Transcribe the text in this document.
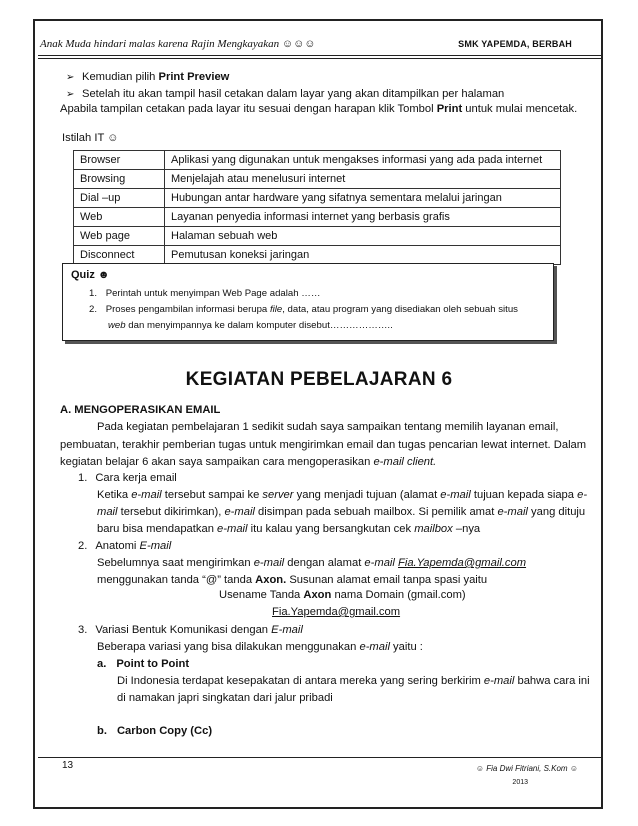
Anak Muda hindari malas karena Rajin Mengkayakan ☺☺☺	SMK YAPEMDA, BERBAH
➢ Kemudian pilih Print Preview
➢ Setelah itu akan tampil hasil cetakan dalam layar yang akan ditampilkan per halaman
Apabila tampilan cetakan pada layar itu sesuai dengan harapan klik Tombol Print untuk mulai mencetak.
Istilah IT ☺
Browser	Aplikasi yang digunakan untuk mengakses informasi yang ada pada internet
Browsing	Menjelajah atau menelusuri internet
Dial –up	Hubungan antar hardware yang sifatnya sementara melalui jaringan
Web	Layanan penyedia informasi internet yang berbasis grafis
Web page	Halaman sebuah web
Disconnect	Pemutusan koneksi jaringan
Quiz ☻
1. Perintah untuk menyimpan Web Page adalah ……
2. Proses pengambilan informasi berupa file, data, atau program yang disediakan oleh sebuah situs
web dan menyimpannya ke dalam komputer disebut………………..
KEGIATAN PEBELAJARAN 6
A. MENGOPERASIKAN EMAIL
Pada kegiatan pembelajaran 1 sedikit sudah saya sampaikan tentang memilih layanan email,
pembuatan, terakhir pemberian tugas untuk mengirimkan email dan tugas pencarian lewat internet. Dalam
kegiatan belajar 6 akan saya sampaikan cara mengoperasikan e-mail client.
1. Cara kerja email
Ketika e-mail tersebut sampai ke server yang menjadi tujuan (alamat e-mail tujuan kepada siapa e-
mail tersebut dikirimkan), e-mail disimpan pada sebuah mailbox. Si pemilik amat e-mail yang dituju
baru bisa mendapatkan e-mail itu kalau yang bersangkutan cek mailbox –nya
2. Anatomi E-mail
Sebelumnya saat mengirimkan e-mail dengan alamat e-mail Fia.Yapemda@gmail.com
menggunakan tanda “@” tanda Axon. Susunan alamat email tanpa spasi yaitu
Usename Tanda Axon nama Domain (gmail.com)
Fia.Yapemda@gmail.com
3. Variasi Bentuk Komunikasi dengan E-mail
Beberapa variasi yang bisa dilakukan menggunakan e-mail yaitu :
a. Point to Point
Di Indonesia terdapat kesepakatan di antara mereka yang sering berkirim e-mail bahwa cara ini
di namakan japri singkatan dari jalur pribadi
b. Carbon Copy (Cc)
13	☺ Fia Dwi Fitriani, S.Kom ☺
2013
